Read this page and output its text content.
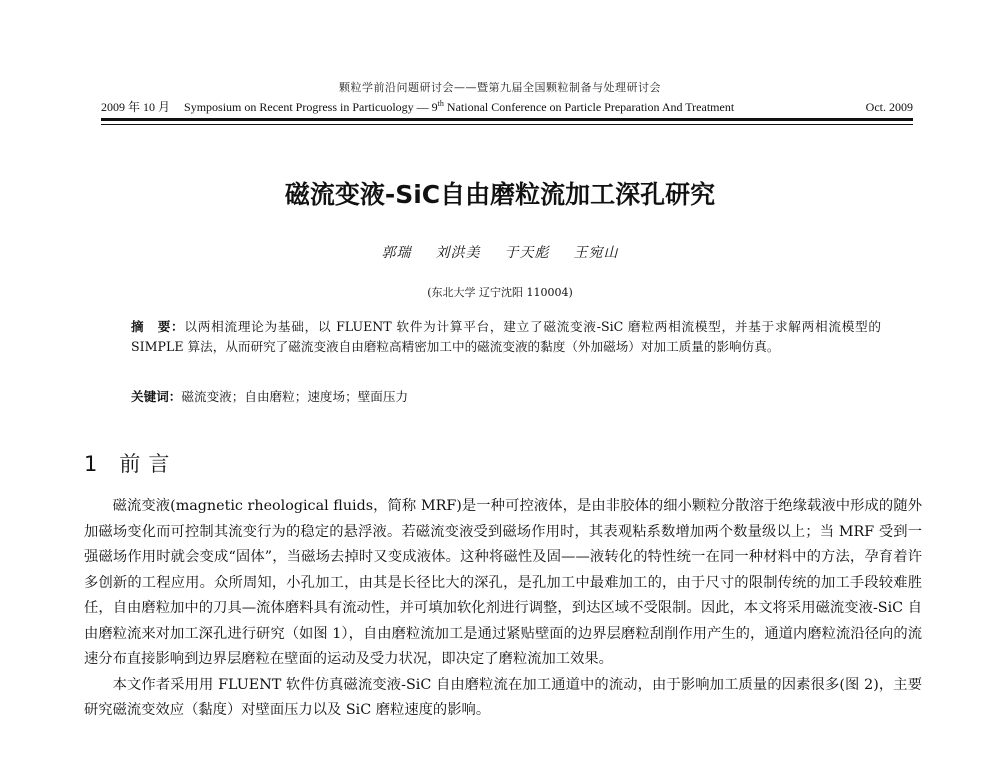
颗粒学前沿问题研讨会——暨第九届全国颗粒制备与处理研讨会
2009 年 10 月 Symposium on Recent Progress in Particuology — 9th National Conference on Particle Preparation And Treatment	Oct. 2009
磁流变液-SiC自由磨粒流加工深孔研究
郭瑞 刘洪美 于天彪 王宛山
(东北大学 辽宁沈阳 110004)
摘　要：以两相流理论为基础，以 FLUENT 软件为计算平台，建立了磁流变液-SiC 磨粒两相流模型，并基于求解两相流模型的 SIMPLE 算法，从而研究了磁流变液自由磨粒高精密加工中的磁流变液的黏度（外加磁场）对加工质量的影响仿真。
关键词：磁流变液；自由磨粒；速度场；壁面压力
1 前言

磁流变液(magnetic rheological fluids，简称 MRF)是一种可控液体，是由非胶体的细小颗粒分散溶于绝缘载液中形成的随外加磁场变化而可控制其流变行为的稳定的悬浮液。若磁流变液受到磁场作用时，其表观粘系数增加两个数量级以上；当 MRF 受到一强磁场作用时就会变成“固体”，当磁场去掉时又变成液体。这种将磁性及固——液转化的特性统一在同一种材料中的方法，孕育着许多创新的工程应用。众所周知，小孔加工，由其是长径比大的深孔，是孔加工中最难加工的，由于尺寸的限制传统的加工手段较难胜任，自由磨粒加中的刀具—流体磨料具有流动性，并可填加软化剂进行调整，到达区域不受限制。因此，本文将采用磁流变液-SiC 自由磨粒流来对加工深孔进行研究（如图 1），自由磨粒流加工是通过紧贴壁面的边界层磨粒刮削作用产生的，通道内磨粒流沿径向的流速分布直接影响到边界层磨粒在壁面的运动及受力状况，即决定了磨粒流加工效果。

本文作者采用用 FLUENT 软件仿真磁流变液-SiC 自由磨粒流在加工通道中的流动，由于影响加工质量的因素很多(图 2)，主要研究磁流变效应（黏度）对壁面压力以及 SiC 磨粒速度的影响。
